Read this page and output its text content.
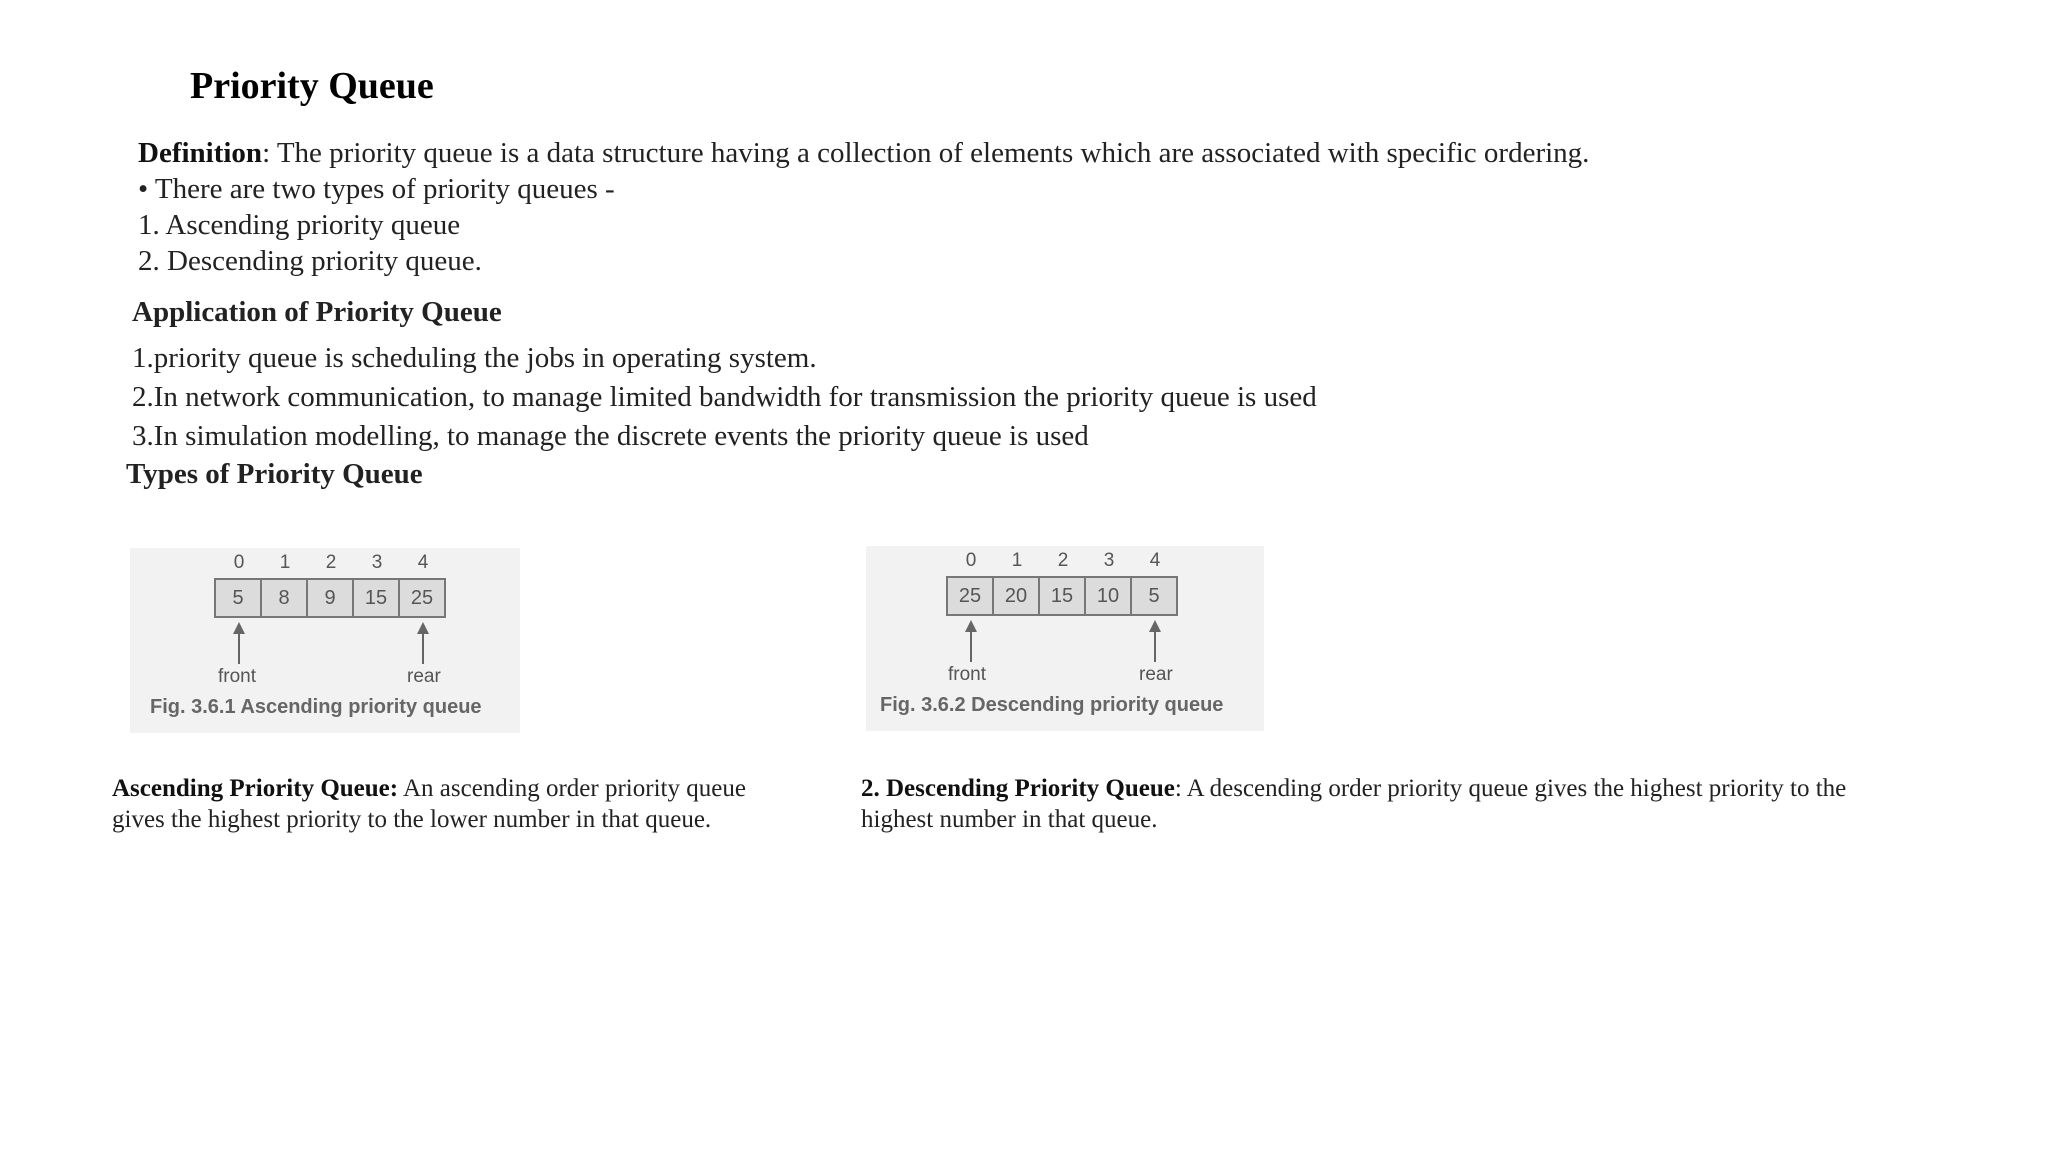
Priority Queue
Definition: The priority queue is a data structure having a collection of elements which are associated with specific ordering.
• There are two types of priority queues -
1. Ascending priority queue
2. Descending priority queue.
Application of Priority Queue
1.priority queue is scheduling the jobs in operating system.
2.In network communication, to manage limited bandwidth for transmission the priority queue is used
3.In simulation modelling, to manage the discrete events the priority queue is used
Types of Priority Queue
0	1	2	3	4
5	8	9	15	25
front	rear
Fig. 3.6.1 Ascending priority queue
0	1	2	3	4
25	20	15	10	5
front	rear
Fig. 3.6.2 Descending priority queue
Ascending Priority Queue: An ascending order priority queue gives the highest priority to the lower number in that queue.
2. Descending Priority Queue: A descending order priority queue gives the highest priority to the highest number in that queue.
